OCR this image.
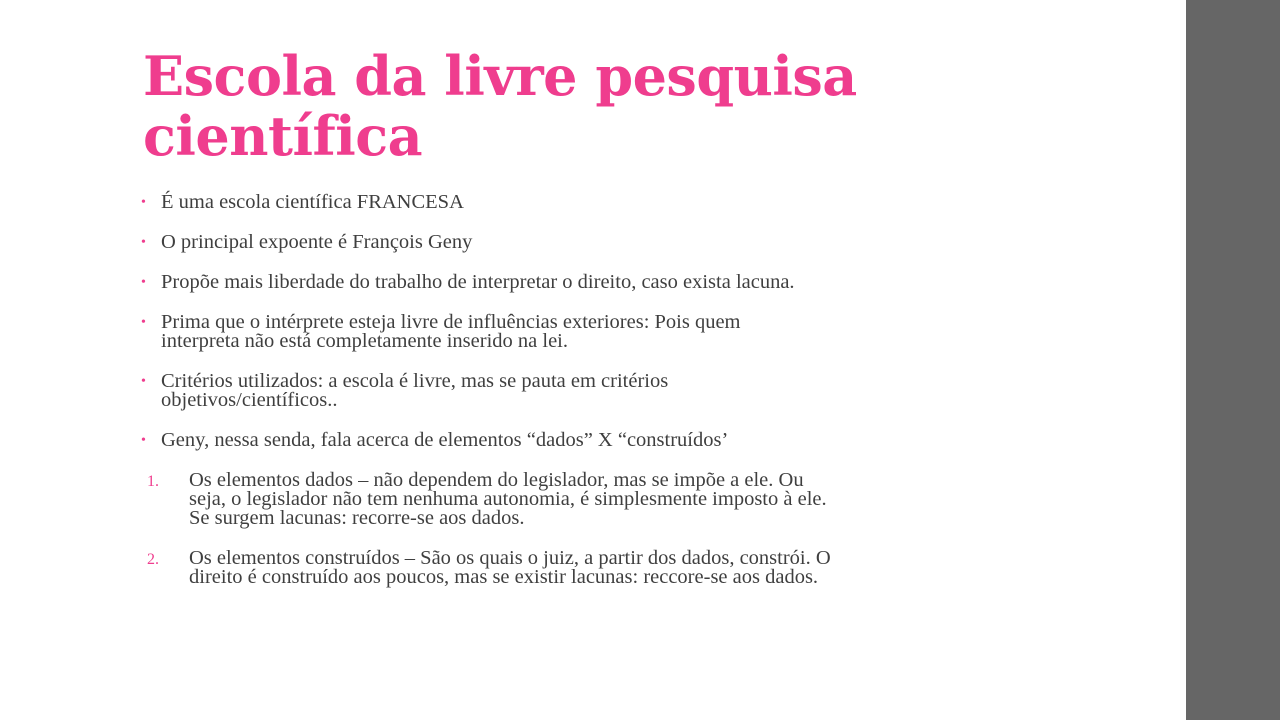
Escola da livre pesquisa científica
• É uma escola científica FRANCESA
• O principal expoente é François Geny
• Propõe mais liberdade do trabalho de interpretar o direito, caso exista lacuna.
• Prima que o intérprete esteja livre de influências exteriores: Pois quem
interpreta não está completamente inserido na lei.
• Critérios utilizados: a escola é livre, mas se pauta em critérios
objetivos/científicos..
• Geny, nessa senda, fala acerca de elementos “dados” X “construídos’
1. Os elementos dados – não dependem do legislador, mas se impõe a ele. Ou
seja, o legislador não tem nenhuma autonomia, é simplesmente imposto à ele.
Se surgem lacunas: recorre-se aos dados.
2. Os elementos construídos – São os quais o juiz, a partir dos dados, constrói. O
direito é construído aos poucos, mas se existir lacunas: reccore-se aos dados.
